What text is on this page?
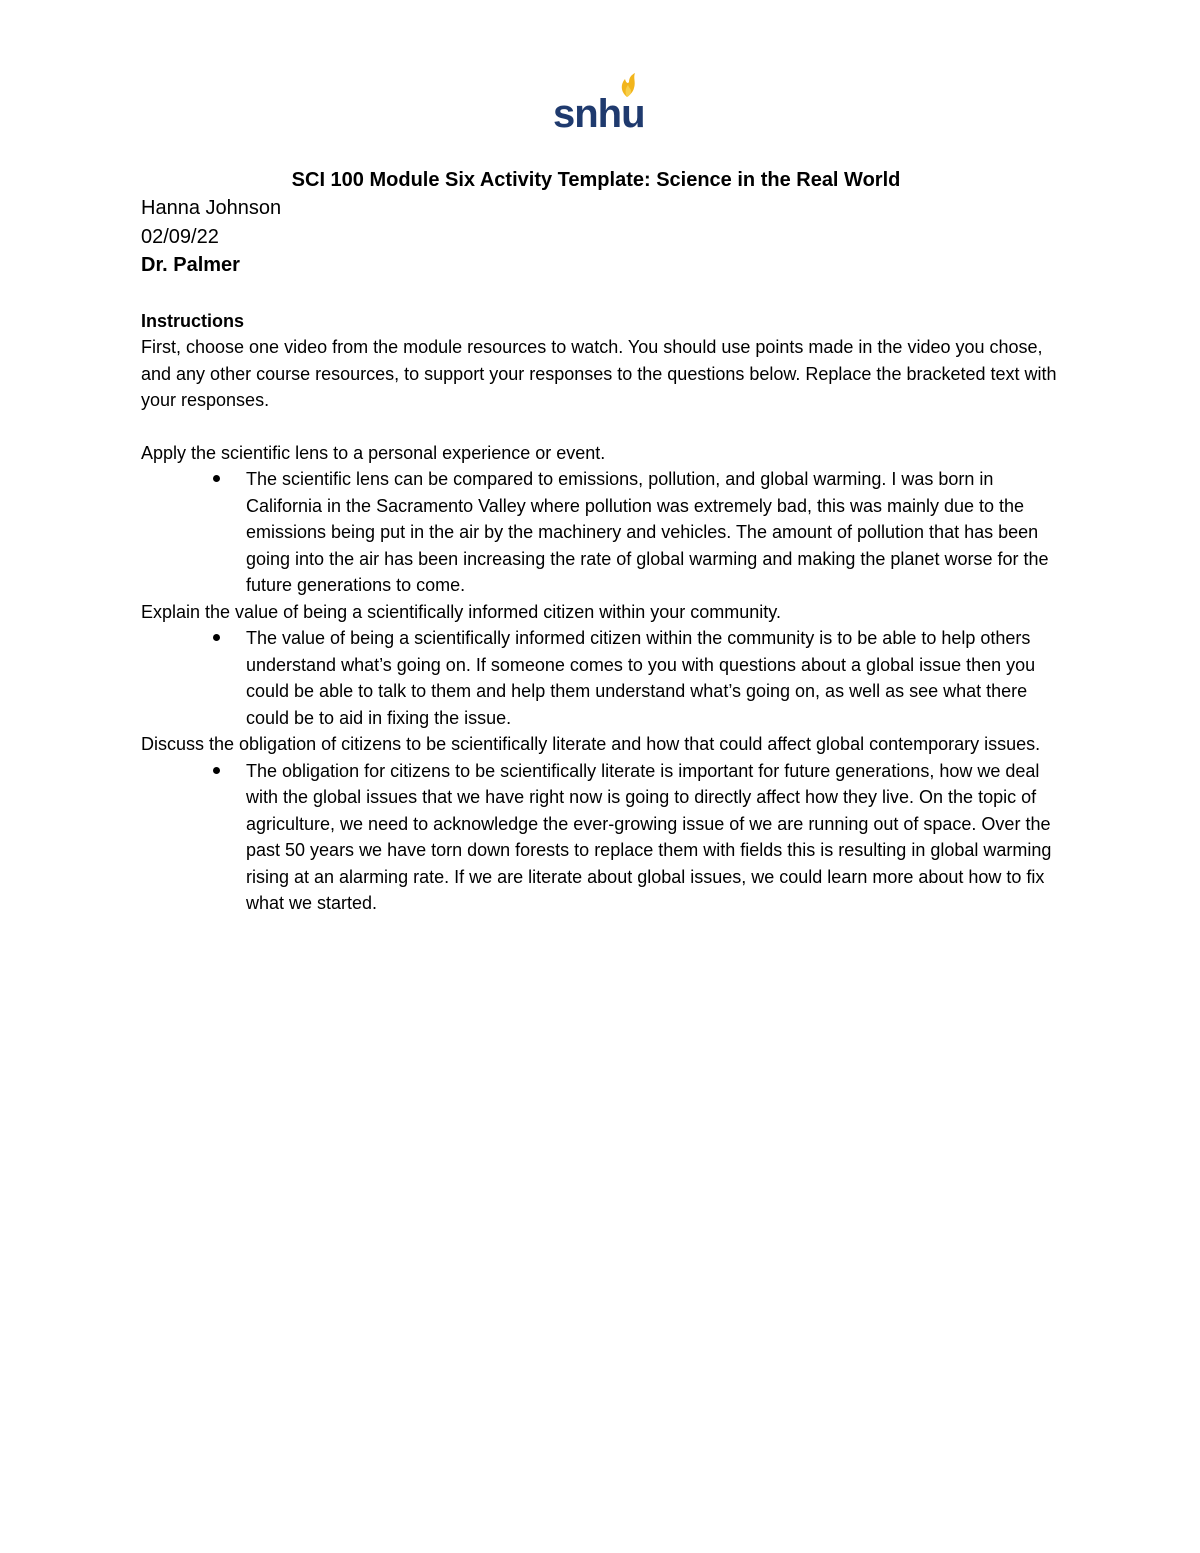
snhu
SCI 100 Module Six Activity Template: Science in the Real World

Hanna Johnson

02/09/22

Dr. Palmer

Instructions

First, choose one video from the module resources to watch. You should use points made in the video you chose, and any other course resources, to support your responses to the questions below. Replace the bracketed text with your responses.

Apply the scientific lens to a personal experience or event.

The scientific lens can be compared to emissions, pollution, and global warming. I was born in California in the Sacramento Valley where pollution was extremely bad, this was mainly due to the emissions being put in the air by the machinery and vehicles. The amount of pollution that has been going into the air has been increasing the rate of global warming and making the planet worse for the future generations to come.

Explain the value of being a scientifically informed citizen within your community.

The value of being a scientifically informed citizen within the community is to be able to help others understand what’s going on. If someone comes to you with questions about a global issue then you could be able to talk to them and help them understand what’s going on, as well as see what there could be to aid in fixing the issue.

Discuss the obligation of citizens to be scientifically literate and how that could affect global contemporary issues.

The obligation for citizens to be scientifically literate is important for future generations, how we deal with the global issues that we have right now is going to directly affect how they live. On the topic of agriculture, we need to acknowledge the ever-growing issue of we are running out of space. Over the past 50 years we have torn down forests to replace them with fields this is resulting in global warming rising at an alarming rate. If we are literate about global issues, we could learn more about how to fix what we started.
